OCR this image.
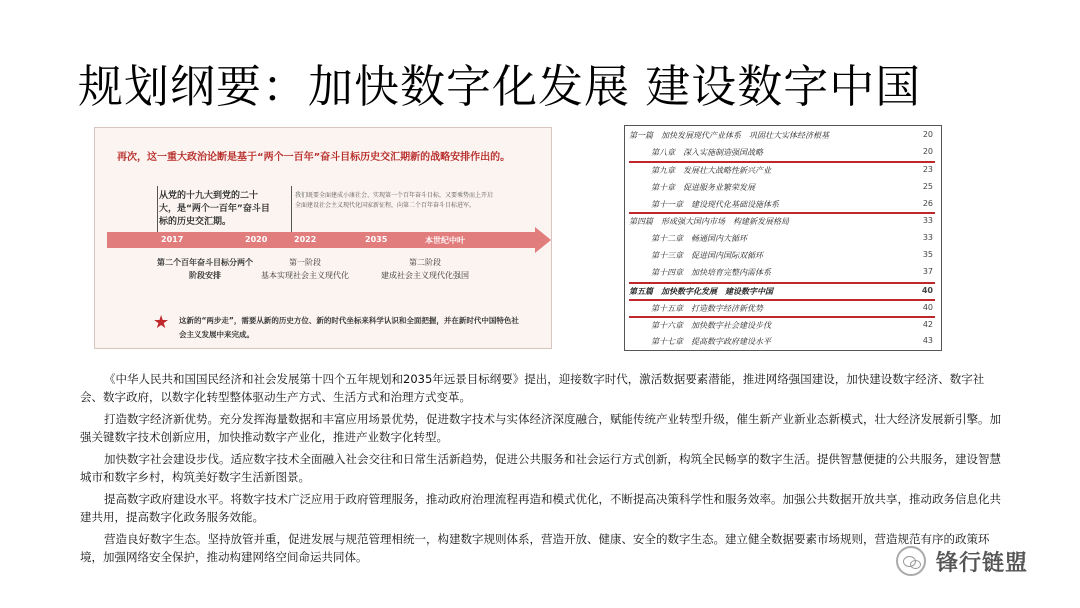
规划纲要：加快数字化发展 建设数字中国
再次，这一重大政治论断是基于“两个一百年”奋斗目标历史交汇期新的战略安排作出的。
从党的十九大到党的二十大，是“两个一百年”奋斗目标的历史交汇期。
我们既要全面建成小康社会、实现第一个百年奋斗目标，又要乘势而上开启全面建设社会主义现代化国家新征程，向第二个百年奋斗目标进军。
2017	2020	2022	2035	本世纪中叶
第二个百年奋斗目标分两个阶段安排
第一阶段
基本实现社会主义现代化
第二阶段
建成社会主义现代化强国
★ 这新的“两步走”，需要从新的历史方位、新的时代坐标来科学认识和全面把握，并在新时代中国特色社会主义发展中来完成。
第一篇　加快发展现代产业体系　巩固壮大实体经济根基	20
第八章　深入实施制造强国战略	20
第九章　发展壮大战略性新兴产业	23
第十章　促进服务业繁荣发展	25
第十一章　建设现代化基础设施体系	26
第四篇　形成强大国内市场　构建新发展格局	33
第十二章　畅通国内大循环	33
第十三章　促进国内国际双循环	35
第十四章　加快培育完整内需体系	37
第五篇　加快数字化发展　建设数字中国	40
第十五章　打造数字经济新优势	40
第十六章　加快数字社会建设步伐	42
第十七章　提高数字政府建设水平	43
《中华人民共和国国民经济和社会发展第十四个五年规划和2035年远景目标纲要》提出，迎接数字时代，激活数据要素潜能，推进网络强国建设，加快建设数字经济、数字社会、数字政府，以数字化转型整体驱动生产方式、生活方式和治理方式变革。
打造数字经济新优势。充分发挥海量数据和丰富应用场景优势，促进数字技术与实体经济深度融合，赋能传统产业转型升级，催生新产业新业态新模式，壮大经济发展新引擎。加强关键数字技术创新应用，加快推动数字产业化，推进产业数字化转型。
加快数字社会建设步伐。适应数字技术全面融入社会交往和日常生活新趋势，促进公共服务和社会运行方式创新，构筑全民畅享的数字生活。提供智慧便捷的公共服务，建设智慧城市和数字乡村，构筑美好数字生活新图景。
提高数字政府建设水平。将数字技术广泛应用于政府管理服务，推动政府治理流程再造和模式优化，不断提高决策科学性和服务效率。加强公共数据开放共享，推动政务信息化共建共用，提高数字化政务服务效能。
营造良好数字生态。坚持放管并重，促进发展与规范管理相统一，构建数字规则体系，营造开放、健康、安全的数字生态。建立健全数据要素市场规则，营造规范有序的政策环境，加强网络安全保护，推动构建网络空间命运共同体。	锋行链盟
